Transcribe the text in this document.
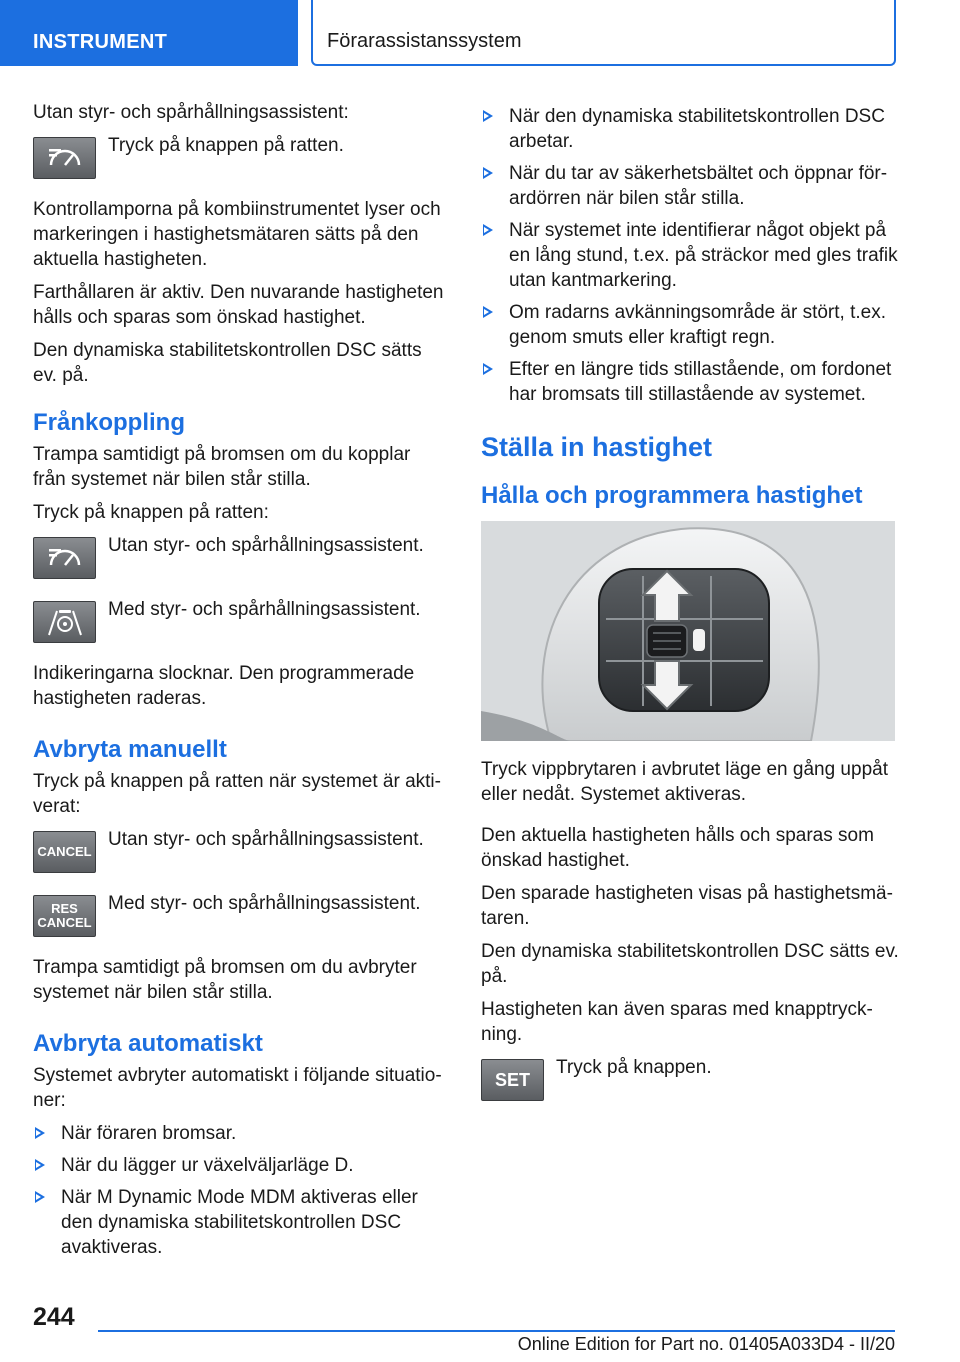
INSTRUMENT	Förarassistanssystem

Utan styr- och spårhållningsassistent:

Tryck på knappen på ratten.

Kontrollamporna på kombiinstrumentet lyser och markeringen i hastighetsmätaren sätts på den aktuella hastigheten.

Farthållaren är aktiv. Den nuvarande hastigheten hålls och sparas som önskad hastighet.

Den dynamiska stabilitetskontrollen DSC sätts ev. på.

Frånkoppling

Trampa samtidigt på bromsen om du kopplar från systemet när bilen står stilla.

Tryck på knappen på ratten:

Utan styr- och spårhållningsassistent.
Med styr- och spårhållningsassistent.

Indikeringarna slocknar. Den programmerade hastigheten raderas.

Avbryta manuellt

Tryck på knappen på ratten när systemet är aktiverat:

CANCEL
Utan styr- och spårhållningsassistent.
RES
CANCEL
Med styr- och spårhållningsassistent.

Trampa samtidigt på bromsen om du avbryter systemet när bilen står stilla.

Avbryta automatiskt

Systemet avbryter automatiskt i följande situationer:

När föraren bromsar.
När du lägger ur växelväljarläge D.
När M Dynamic Mode MDM aktiveras eller den dynamiska stabilitetskontrollen DSC avaktiveras.
När den dynamiska stabilitetskontrollen DSC arbetar.
När du tar av säkerhetsbältet och öppnar förardörren när bilen står stilla.
När systemet inte identifierar något objekt på en lång stund, t.ex. på sträckor med gles trafik utan kantmarkering.
Om radarns avkänningsområde är stört, t.ex. genom smuts eller kraftigt regn.
Efter en längre tids stillastående, om fordonet har bromsats till stillastående av systemet.
Ställa in hastighet
Hålla och programmera hastighet

Tryck vippbrytaren i avbrutet läge en gång uppåt eller nedåt. Systemet aktiveras.

Den aktuella hastigheten hålls och sparas som önskad hastighet.

Den sparade hastigheten visas på hastighetsmätaren.

Den dynamiska stabilitetskontrollen DSC sätts ev. på.

Hastigheten kan även sparas med knapptryckning.

SET
Tryck på knappen.
244
Online Edition for Part no. 01405A033D4 - II/20
